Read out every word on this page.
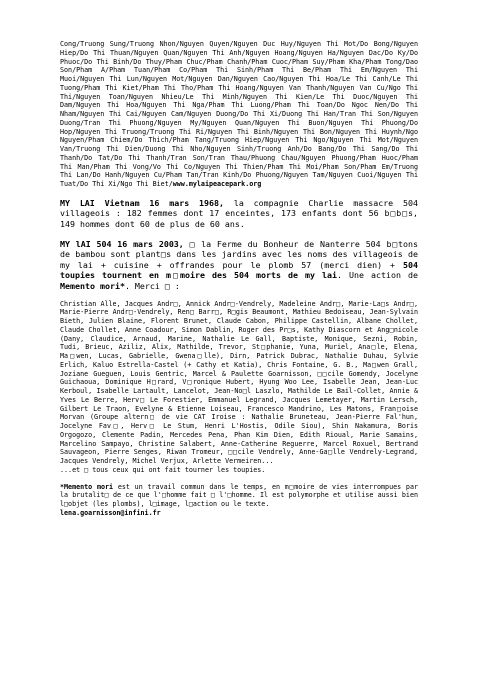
Cong/Truong Sung/Truong Nhon/Nguyen Quyen/Nguyen Duc Huy/Nguyen Thi Mot/Do Bong/Nguyen Hiep/Do Thi Thuan/Nguyen Quan/Nguyen Thi Anh/Nguyen Hoang/Nguyen Ha/Nguyen Dac/Do Ky/Do Phuoc/Do Thi Binh/Do Thuy/Pham Chuc/Pham Chanh/Pham Cuoc/Pham Suy/Pham Kha/Pham Tong/Dao Son/Pham A/Pham Tuan/Pham Co/Pham Thi Sinh/Pham Thi Be/Pham Thi Em/Nguyen Thi Muoi/Nguyen Thi Lun/Nguyen Mot/Nguyen Dan/Nguyen Cao/Nguyen Thi Hoa/Le Thi Canh/Le Thi Tuong/Pham Thi Kiet/Pham Thi Tho/Pham Thi Hoang/Nguyen Van Thanh/Nguyen Van Cu/Ngo Thi Thi/Nguyen Toan/Nguyen Nhieu/Le Thi Minh/Nguyen Thi Kien/Le Thi Duoc/Nguyen Thi Dam/Nguyen Thi Hoa/Nguyen Thi Nga/Pham Thi Luong/Pham Thi Toan/Do Ngoc Nen/Do Thi Nham/Nguyen Thi Cai/Nguyen Cam/Nguyen Duong/Do Thi Xi/Duong Thi Han/Tran Thi Son/Nguyen Duong/Tran Thi Phuong/Nguyen My/Nguyen Quan/Nguyen Thi Buon/Nguyen Thi Phuong/Do Hop/Nguyen Thi Truong/Truong Thi Ri/Nguyen Thi Binh/Nguyen Thi Bon/Nguyen Thi Huynh/Ngo Nguyen/Pham Chiem/Do Thich/Pham Tang/Truong Hiep/Nguyen Thi Ngo/Nguyen Thi Mot/Nguyen Van/Truong Thi Dien/Duong Thi Nho/Nguyen Sinh/Truong Anh/Do Bang/Do Thi Sang/Do Thi Thanh/Do Tat/Do Thi Thanh/Tran Son/Tran Thau/Phuong Chau/Nguyen Phuong/Pham Huoc/Pham Thi Man/Pham Thi Vong/Vo Thi Co/Nguyen Thi Thien/Pham Thi Moi/Pham Son/Pham Em/Truong Thi Lan/Do Hanh/Nguyen Cu/Pham Tan/Tran Kinh/Do Phuong/Nguyen Tam/Nguyen Cuoi/Nguyen Thi Tuat/Do Thi Xi/Ngo Thi Biet/www.mylaipeacepark.org

MY LAI Vietnam 16 mars 1968, la compagnie Charlie massacre 504 villageois : 182 femmes dont 17 enceintes, 173 enfants dont 56 b□b□s, 149 hommes dont 60 de plus de 60 ans.
MY lAI 504 16 mars 2003, □ la Ferme du Bonheur de Nanterre 504 b□tons de bambou sont plant□s dans les jardins avec les noms des villageois de my lai + cuisine + offrandes pour le plomb 57 (merci dien) + 504 toupies tournent en m□moire des 504 morts de my lai. Une action de Memento mori*. Merci □ :
Christian Alle, Jacques Andr□, Annick Andr□-Vendrely, Madeleine Andr□, Marie-La□s Andr□, Marie-Pierre Andr□-Vendrely, Ren□ Barr□, R□gis Beaumont, Mathieu Bedoiseau, Jean-Sylvain Bieth, Julien Blaine, Florent Brunet, Claude Cabon, Philippe Castellin, Albane Chollet, Claude Chollet, Anne Coadour, Simon Dablin, Roger des Pr□s, Kathy Diascorn et Ang□nicole (Dany, Claudice, Arnaud, Marine, Nathalie Le Gall, Baptiste, Monique, Sezni, Robin, Tudi, Brieuc, Aziliz, Alix, Mathilde, Trevor, St□phanie, Yuna, Muriel, Ana□le, Elena, Ma□wen, Lucas, Gabrielle, Gwena□lle), Dirn, Patrick Dubrac, Nathalie Duhau, Sylvie Erlich, Kaluo Estrella-Castel (+ Cathy et Katia), Chris Fontaine, G. B., Ma□wen Grall, Joziane Gueguen, Louis Gentric, Marcel & Paulette Goarnisson, □□cile Gomendy, Jocelyne Guichaoua, Dominique H□rard, V□ronique Hubert, Hyung Woo Lee, Isabelle Jean, Jean-Luc Kerboul, Isabelle Lartault, Lancelot, Jean-No□l Laszlo, Mathilde Le Bail-Collet, Annie & Yves Le Berre, Herv□ Le Forestier, Emmanuel Legrand, Jacques Lemetayer, Martin Lersch, Gilbert Le Traon, Evelyne & Etienne Loiseau, Francesco Mandrino, Les Matons, Fran□oise Morvan (Groupe altern□ de vie CAT Iroise : Nathalie Bruneteau, Jean-Pierre Fal'hun, Jocelyne Fav□, Herv□ Le Stum, Henri L'Hostis, Odile Siou), Shin Nakamura, Boris Orgogozo, Clemente Padin, Mercedes Pena, Phan Kim Dien, Edith Rioual, Marie Samains, Marcelino Sampayo, Christine Salabert, Anne-Catherine Reguerre, Marcel Roxuel, Bertrand Sauvageon, Pierre Senges, Riwan Tromeur, □□cile Vendrely, Anne-Ga□lle Vendrely-Legrand, Jacques Vendrely, Michel Verjux, Arlette Vermeiren...
...et □ tous ceux qui ont fait tourner les toupies.
*Memento mori est un travail commun dans le temps, en m□moire de vies interrompues par la brutalit□ de ce que l'□homme fait □ l'□homme. Il est polymorphe et utilise aussi bien l□objet (les plombs), l□image, l□action ou le texte.
lena.goarnisson@infini.fr
